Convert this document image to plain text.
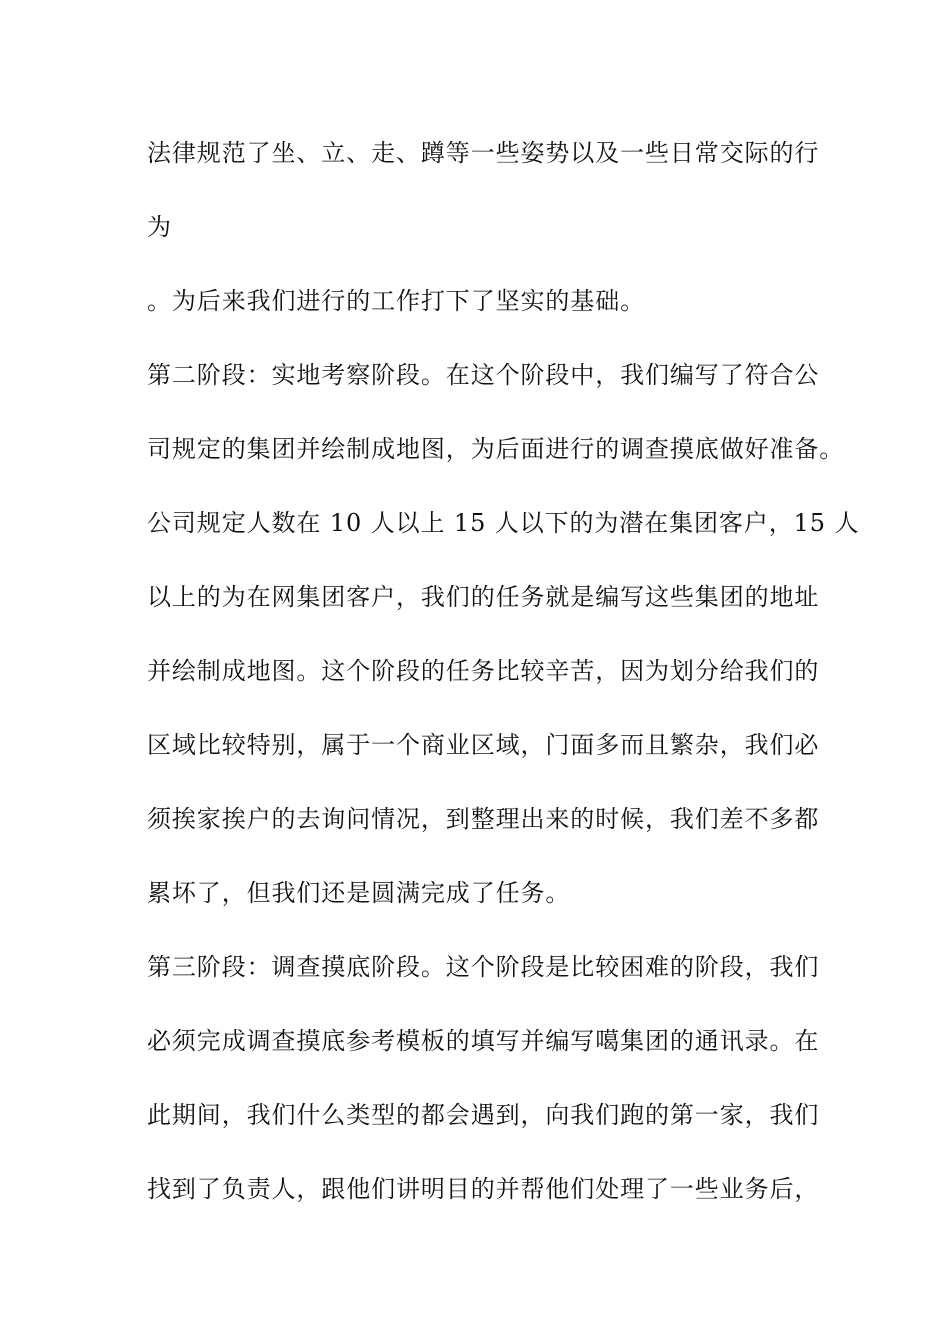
法律规范了坐、立、走、蹲等一些姿势以及一些日常交际的行
为
。为后来我们进行的工作打下了坚实的基础。
第二阶段：实地考察阶段。在这个阶段中，我们编写了符合公
司规定的集团并绘制成地图，为后面进行的调查摸底做好准备。
公司规定人数在 10 人以上 15 人以下的为潜在集团客户，15 人
以上的为在网集团客户，我们的任务就是编写这些集团的地址
并绘制成地图。这个阶段的任务比较辛苦，因为划分给我们的
区域比较特别，属于一个商业区域，门面多而且繁杂，我们必
须挨家挨户的去询问情况，到整理出来的时候，我们差不多都
累坏了，但我们还是圆满完成了任务。
第三阶段：调查摸底阶段。这个阶段是比较困难的阶段，我们
必须完成调查摸底参考模板的填写并编写噶集团的通讯录。在
此期间，我们什么类型的都会遇到，向我们跑的第一家，我们
找到了负责人，跟他们讲明目的并帮他们处理了一些业务后，
